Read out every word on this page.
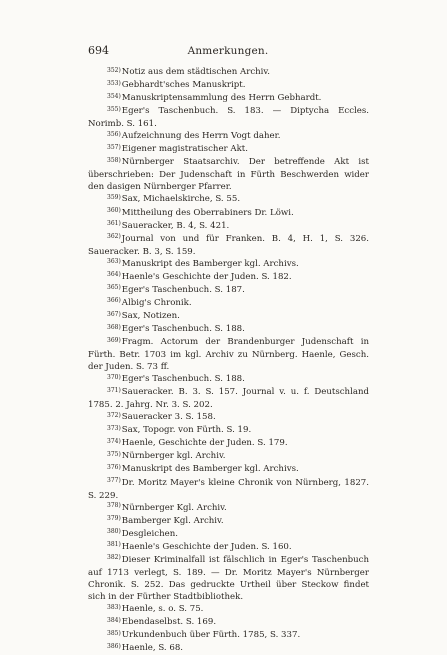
694	Anmerkungen.

$^{352)}$Notiz aus dem städtischen Archiv.

$^{353)}$Gebhardt'sches Manuskript.

$^{354)}$Manuskriptensammlung des Herrn Gebhardt.

$^{355)}$Eger's Taschenbuch. S. 183. — Diptycha Eccles. Norimb. S. 161.

$^{356)}$Aufzeichnung des Herrn Vogt daher.

$^{357)}$Eigener magistratischer Akt.

$^{358)}$Nürnberger Staatsarchiv. Der betreffende Akt ist überschrieben: Der Judenschaft in Fürth Beschwerden wider den dasigen Nürnberger Pfarrer.

$^{359)}$Sax, Michaelskirche, S. 55.

$^{360)}$Mittheilung des Oberrabiners Dr. Löwi.

$^{361)}$Saueracker, B. 4, S. 421.

$^{362)}$Journal von und für Franken. B. 4, H. 1, S. 326. Saueracker. B. 3, S. 159.

$^{363)}$Manuskript des Bamberger kgl. Archivs.

$^{364)}$Haenle's Geschichte der Juden. S. 182.

$^{365)}$Eger's Taschenbuch. S. 187.

$^{366)}$Albig's Chronik.

$^{367)}$Sax, Notizen.

$^{368)}$Eger's Taschenbuch. S. 188.

$^{369)}$Fragm. Actorum der Brandenburger Judenschaft in Fürth. Betr. 1703 im kgl. Archiv zu Nürnberg. Haenle, Gesch. der Juden. S. 73 ff.

$^{370)}$Eger's Taschenbuch. S. 188.

$^{371)}$Saueracker. B. 3. S. 157. Journal v. u. f. Deutschland 1785. 2. Jahrg. Nr. 3. S. 202.

$^{372)}$Saueracker 3. S. 158.

$^{373)}$Sax, Topogr. von Fürth. S. 19.

$^{374)}$Haenle, Geschichte der Juden. S. 179.

$^{375)}$Nürnberger kgl. Archiv.

$^{376)}$Manuskript des Bamberger kgl. Archivs.

$^{377)}$Dr. Moritz Mayer's kleine Chronik von Nürnberg, 1827. S. 229.

$^{378)}$Nürnberger Kgl. Archiv.

$^{379)}$Bamberger Kgl. Archiv.

$^{380)}$Desgleichen.

$^{381)}$Haenle's Geschichte der Juden. S. 160.

$^{382)}$Dieser Kriminalfall ist fälschlich in Eger's Taschenbuch auf 1713 verlegt, S. 189. — Dr. Moritz Mayer's Nürnberger Chronik. S. 252. Das gedruckte Urtheil über Steckow findet sich in der Fürther Stadtbibliothek.

$^{383)}$Haenle, s. o. S. 75.

$^{384)}$Ebendaselbst. S. 169.

$^{385)}$Urkundenbuch über Fürth. 1785, S. 337.

$^{386)}$Haenle, S. 68.
